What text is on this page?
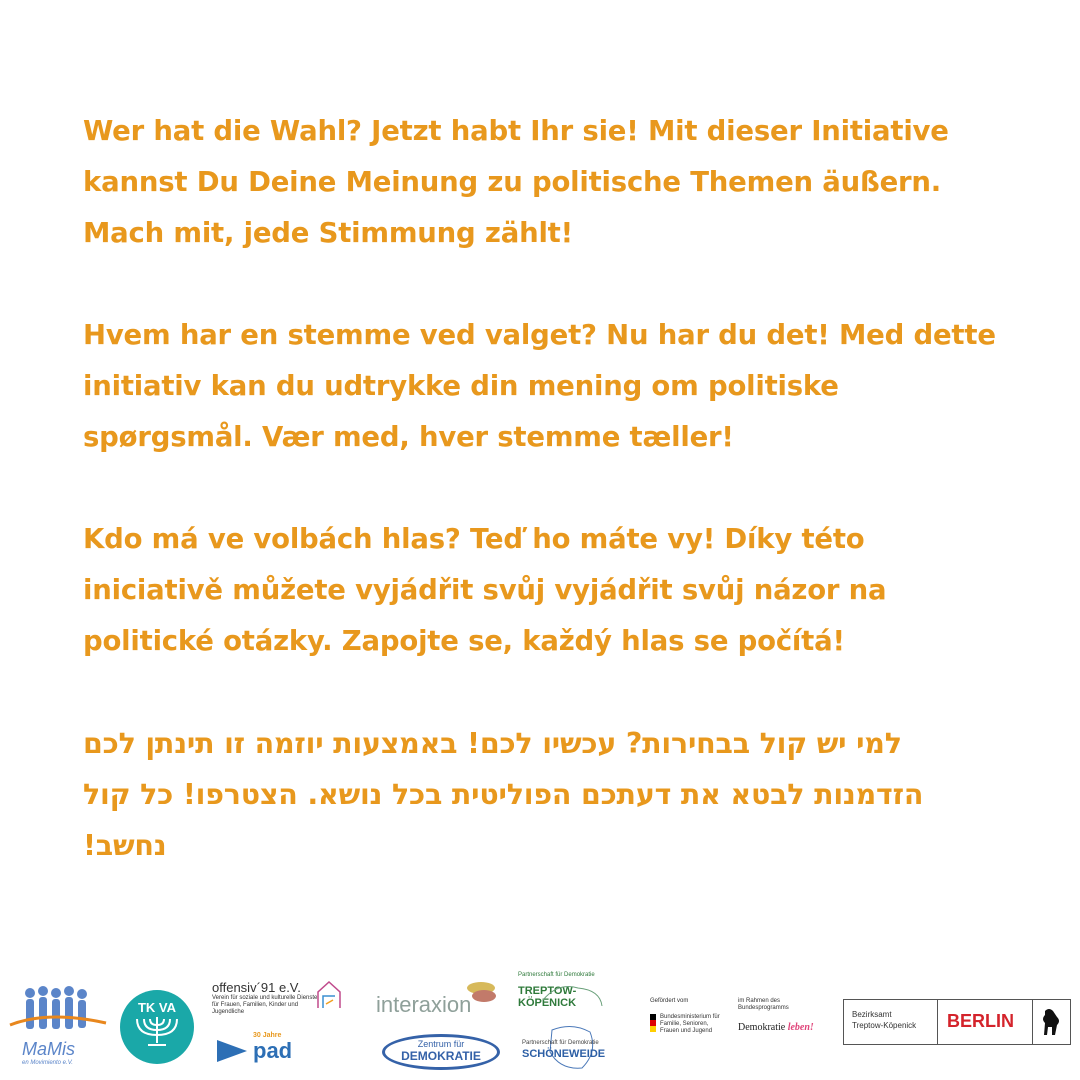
Wer hat die Wahl? Jetzt habt Ihr sie! Mit dieser Initiative kannst Du Deine Meinung zu politische Themen äußern. Mach mit, jede Stimmung zählt!

Hvem har en stemme ved valget? Nu har du det! Med dette initiativ kan du udtrykke din mening om politiske spørgsmål. Vær med, hver stemme tæller!

Kdo má ve volbách hlas? Teď ho máte vy! Díky této iniciativě můžete vyjádřit svůj vyjádřit svůj názor na politické otázky. Zapojte se, každý hlas se počítá!

למי יש קול בבחירות? עכשיו לכם! באמצעות יוזמה זו תינתן לכם הזדמנות לבטא את דעתכם הפוליטית בכל נושא. הצטרפו! כל קול נחשב!

MaMis
en Movimiento e.V.
TK VA
offensiv´91 e.V.
Verein für soziale und kulturelle Dienste für Frauen, Familien, Kinder und Jugendliche
30 Jahre
pad
interaxion
Zentrum für
DEMOKRATIE
Partnerschaft für Demokratie
TREPTOW-KÖPENICK
Partnerschaft für Demokratie
SCHÖNEWEIDE
Gefördert vom
Bundesministerium für Familie, Senioren, Frauen und Jugend
im Rahmen des Bundesprogramms
Demokratie leben!
Bezirksamt
Treptow-Köpenick BERLIN
